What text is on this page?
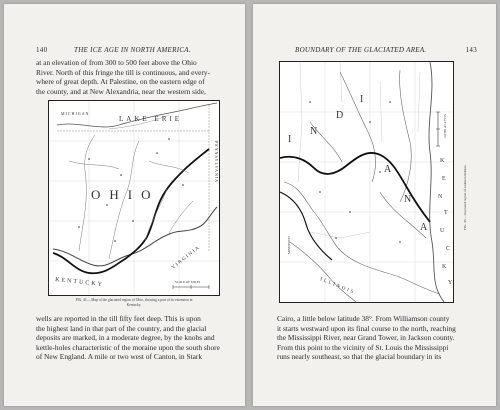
140	THE ICE AGE IN NORTH AMERICA.
at an elevation of from 300 to 500 feet above the Ohio
River. North of this fringe the till is continuous, and every-
where of great depth. At Palestine, on the eastern edge of
the county, and at New Alexandria, near the western side,
LAKE ERIE
MICHIGAN
PENNSYLVANIA
OHIO
KENTUCKY
VIRGINIA
SCALE OF MILES
FIG. 41.—Map of the glaciated region of Ohio, showing a part of its extension in
Kentucky.
wells are reported in the till fifty feet deep. This is upon
the highest land in that part of the country, and the glacial
deposits are marked, in a moderate degree, by the knobs and
kettle-holes characteristic of the moraine upon the south shore
of New England. A mile or two west of Canton, in Stark
BOUNDARY OF THE GLACIATED AREA.	143
I
N
D
I
A
N
A
K
E
N
T
U
C
K
Y
ILLINOIS
MISSISSIPPI
SCALE OF MILES
FIG. 45.—Glaciated region of southern Indiana.
Cairo, a little below latitude 38°. From Williamson county
it starts westward upon its final course to the north, reaching
the Mississippi River, near Grand Tower, in Jackson county.
From this point to the vicinity of St. Louis the Mississippi
runs nearly southeast, so that the glacial boundary in its
